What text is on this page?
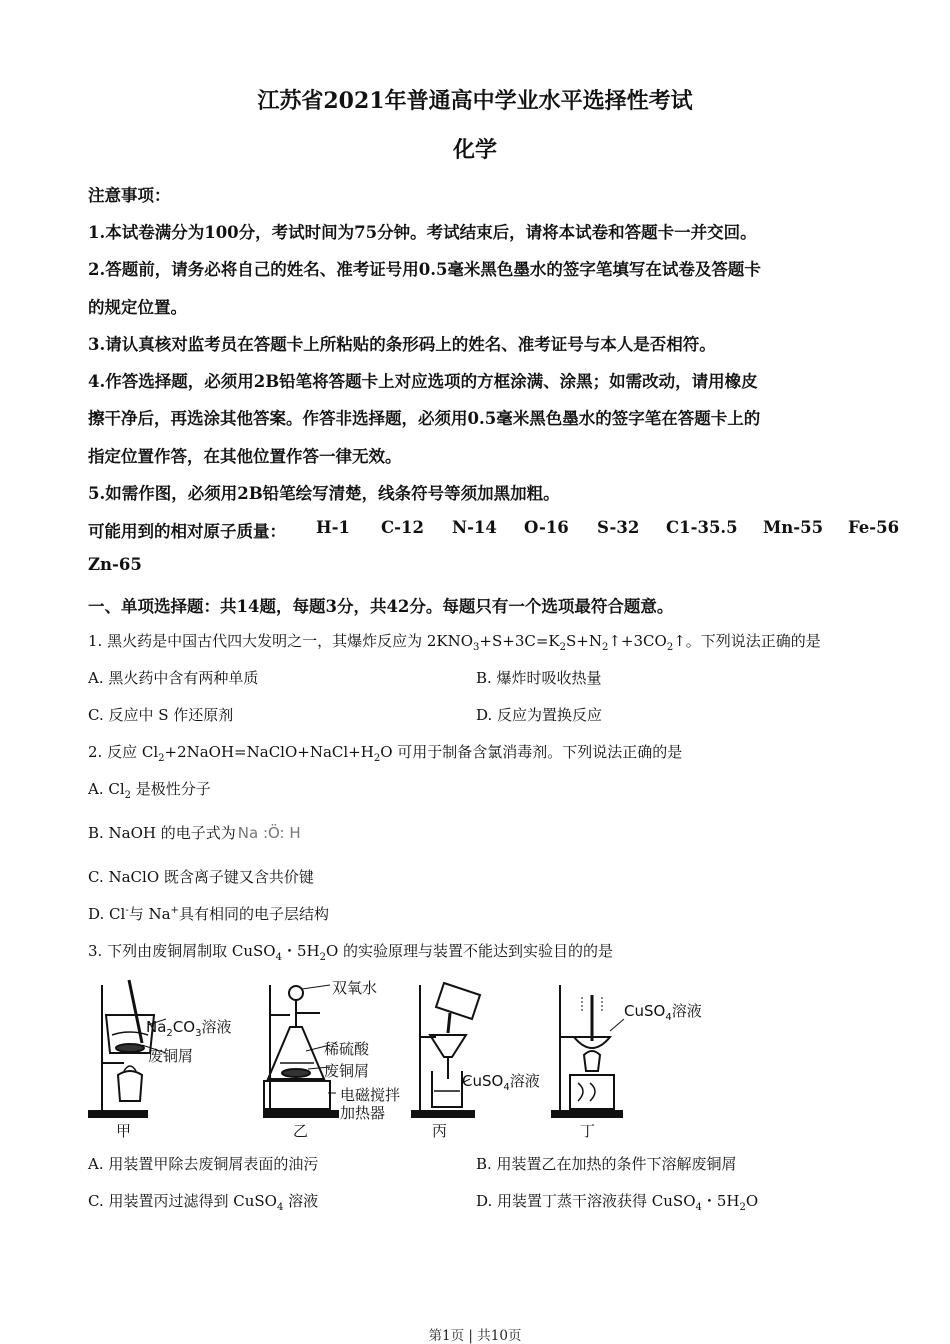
江苏省2021年普通高中学业水平选择性考试
化学
注意事项：
1.本试卷满分为100分，考试时间为75分钟。考试结束后，请将本试卷和答题卡一并交回。
2.答题前，请务必将自己的姓名、准考证号用0.5毫米黑色墨水的签字笔填写在试卷及答题卡
的规定位置。
3.请认真核对监考员在答题卡上所粘贴的条形码上的姓名、准考证号与本人是否相符。
4.作答选择题，必须用2B铅笔将答题卡上对应选项的方框涂满、涂黑；如需改动，请用橡皮
擦干净后，再选涂其他答案。作答非选择题，必须用0.5毫米黑色墨水的签字笔在答题卡上的
指定位置作答，在其他位置作答一律无效。
5.如需作图，必须用2B铅笔绘写清楚，线条符号等须加黑加粗。
可能用到的相对原子质量： H-1 C-12 N-14 O-16 S-32 C1-35.5 Mn-55 Fe-56
Zn-65
一、单项选择题：共14题，每题3分，共42分。每题只有一个选项最符合题意。
1. 黑火药是中国古代四大发明之一，其爆炸反应为 $2KNO_3+S+3C=K_2S+N_2↑+3CO_2↑$。下列说法正确的是
A. 黑火药中含有两种单质	B. 爆炸时吸收热量
C. 反应中 S 作还原剂	D. 反应为置换反应
2. 反应 $Cl_2+2NaOH=NaClO+NaCl+H_2O$ 可用于制备含氯消毒剂。下列说法正确的是
A. $Cl_2$ 是极性分子
B. NaOH 的电子式为 Na :Ö: H
C. NaClO 既含离子键又含共价键
D. Cl-与 Na+具有相同的电子层结构
3. 下列由废铜屑制取 CuSO$_4$・$5H_2O$ 的实验原理与装置不能达到实验目的的是
$Na_2CO_3$溶液
废铜屑
甲
双氧水
稀硫酸
废铜屑
电磁搅拌
加热器
乙
CuSO$_4$溶液
丙
CuSO$_4$溶液
丁
A. 用装置甲除去废铜屑表面的油污	B. 用装置乙在加热的条件下溶解废铜屑
C. 用装置丙过滤得到 CuSO$_4$ 溶液	D. 用装置丁蒸干溶液获得 CuSO$_4$・$5H_2O$
第1页 | 共10页
